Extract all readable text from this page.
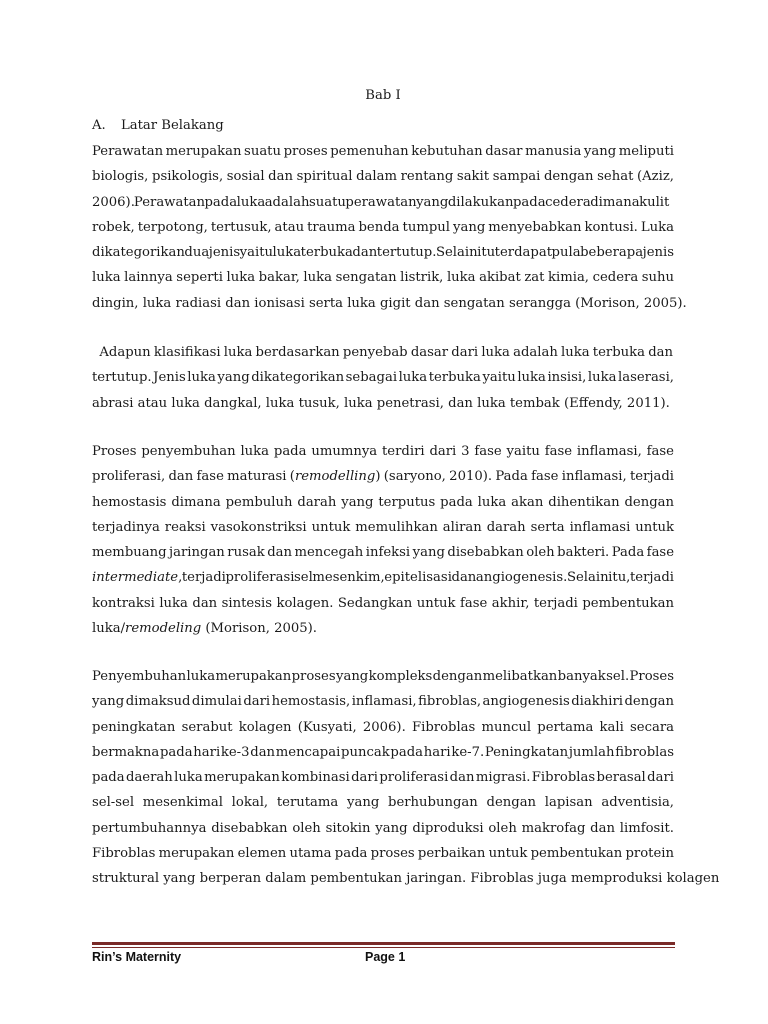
Bab I
A. Latar Belakang
Perawatan merupakan suatu proses pemenuhan kebutuhan dasar manusia yang meliputi
biologis, psikologis, sosial dan spiritual dalam rentang sakit sampai dengan sehat (Aziz,
2006).  Perawatan pada luka adalah suatu perawatan yang dilakukan pada cedera dimana kulit
robek, terpotong, tertusuk, atau trauma benda tumpul yang menyebabkan kontusi. Luka
dikategorikan dua jenis yaitu luka terbuka dan tertutup. Selain itu terdapat pula beberapa jenis
luka lainnya seperti luka bakar, luka sengatan listrik, luka akibat zat kimia, cedera suhu
dingin, luka radiasi dan ionisasi serta luka gigit dan sengatan serangga (Morison, 2005).
Adapun klasifikasi luka berdasarkan penyebab dasar dari luka adalah luka terbuka dan
tertutup. Jenis luka yang dikategorikan sebagai luka terbuka yaitu luka insisi, luka laserasi,
abrasi atau luka dangkal, luka tusuk, luka penetrasi, dan luka tembak (Effendy, 2011).
Proses penyembuhan luka pada umumnya terdiri dari 3 fase yaitu fase inflamasi, fase
proliferasi, dan fase maturasi (remodelling) (saryono, 2010). Pada fase inflamasi, terjadi
hemostasis dimana pembuluh darah yang terputus pada luka akan dihentikan dengan
terjadinya reaksi vasokonstriksi untuk memulihkan aliran darah serta inflamasi untuk
membuang jaringan rusak dan mencegah infeksi yang disebabkan oleh bakteri. Pada fase
intermediate, terjadi proliferasi sel mesenkim, epitelisasi dan angiogenesis. Selain itu, terjadi
kontraksi luka dan sintesis kolagen. Sedangkan untuk fase akhir, terjadi pembentukan
luka/remodeling (Morison, 2005).
Penyembuhan luka merupakan proses yang kompleks dengan melibatkan banyak sel. Proses
yang dimaksud dimulai dari hemostasis, inflamasi, fibroblas, angiogenesis diakhiri dengan
peningkatan serabut kolagen (Kusyati, 2006). Fibroblas muncul pertama kali secara
bermakna pada hari ke-3 dan mencapai puncak pada hari ke-7. Peningkatan jumlah fibroblas
pada daerah luka merupakan kombinasi dari proliferasi dan migrasi. Fibroblas berasal dari
sel-sel mesenkimal lokal, terutama yang berhubungan dengan lapisan adventisia,
pertumbuhannya disebabkan oleh sitokin yang diproduksi oleh makrofag dan limfosit.
Fibroblas merupakan elemen utama pada proses perbaikan untuk pembentukan protein
struktural yang berperan dalam pembentukan jaringan. Fibroblas juga memproduksi kolagen
Rin’s Maternity	Page 1
